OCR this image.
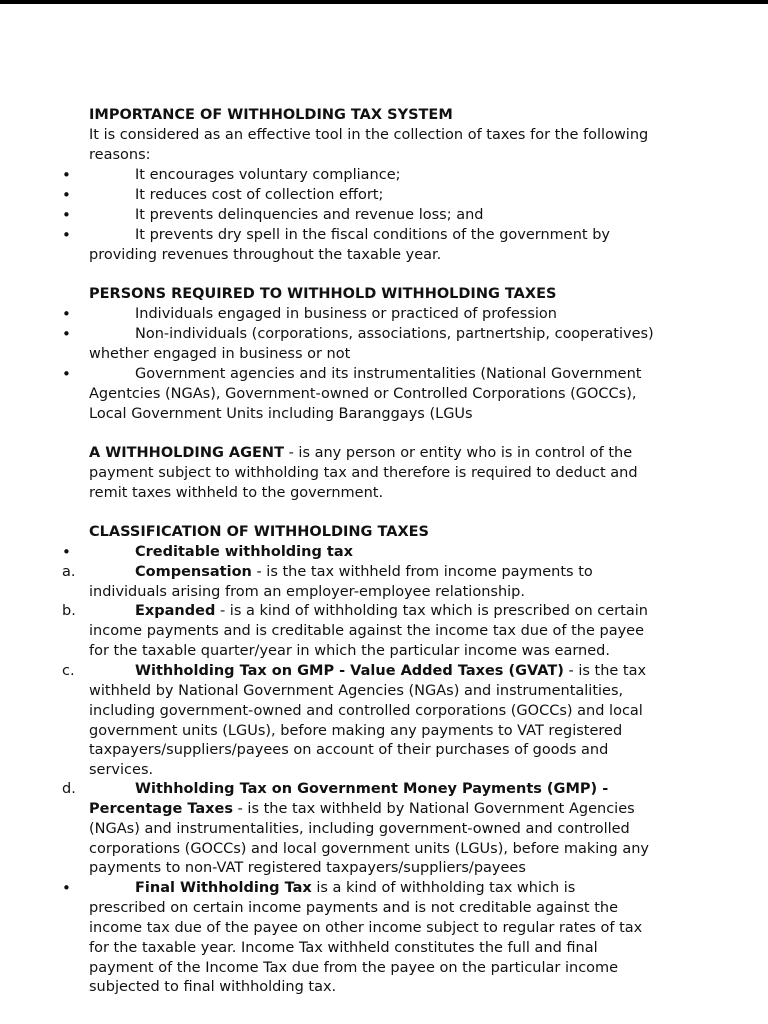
IMPORTANCE OF WITHHOLDING TAX SYSTEM
It is considered as an effective tool in the collection of taxes for the following
reasons:
•	It encourages voluntary compliance;
•	It reduces cost of collection effort;
•	It prevents delinquencies and revenue loss; and
•	It prevents dry spell in the fiscal conditions of the government by
providing revenues throughout the taxable year.
PERSONS REQUIRED TO WITHHOLD WITHHOLDING TAXES
•	Individuals engaged in business or practiced of profession
•	Non-individuals (corporations, associations, partnertship, cooperatives)
whether engaged in business or not
•	Government agencies and its instrumentalities (National Government
Agentcies (NGAs), Government-owned or Controlled Corporations (GOCCs),
Local Government Units including Baranggays (LGUs
A WITHHOLDING AGENT - is any person or entity who is in control of the
payment subject to withholding tax and therefore is required to deduct and
remit taxes withheld to the government.
CLASSIFICATION OF WITHHOLDING TAXES
•	Creditable withholding tax
a.	Compensation - is the tax withheld from income payments to
individuals arising from an employer-employee relationship.
b.	Expanded - is a kind of withholding tax which is prescribed on certain
income payments and is creditable against the income tax due of the payee
for the taxable quarter/year in which the particular income was earned.
c.	Withholding Tax on GMP - Value Added Taxes (GVAT) - is the tax
withheld by National Government Agencies (NGAs) and instrumentalities,
including government-owned and controlled corporations (GOCCs) and local
government units (LGUs), before making any payments to VAT registered
taxpayers/suppliers/payees on account of their purchases of goods and
services.
d.	Withholding Tax on Government Money Payments (GMP) -
Percentage Taxes - is the tax withheld by National Government Agencies
(NGAs) and instrumentalities, including government-owned and controlled
corporations (GOCCs) and local government units (LGUs), before making any
payments to non-VAT registered taxpayers/suppliers/payees
•	Final Withholding Tax is a kind of withholding tax which is
prescribed on certain income payments and is not creditable against the
income tax due of the payee on other income subject to regular rates of tax
for the taxable year. Income Tax withheld constitutes the full and final
payment of the Income Tax due from the payee on the particular income
subjected to final withholding tax.
